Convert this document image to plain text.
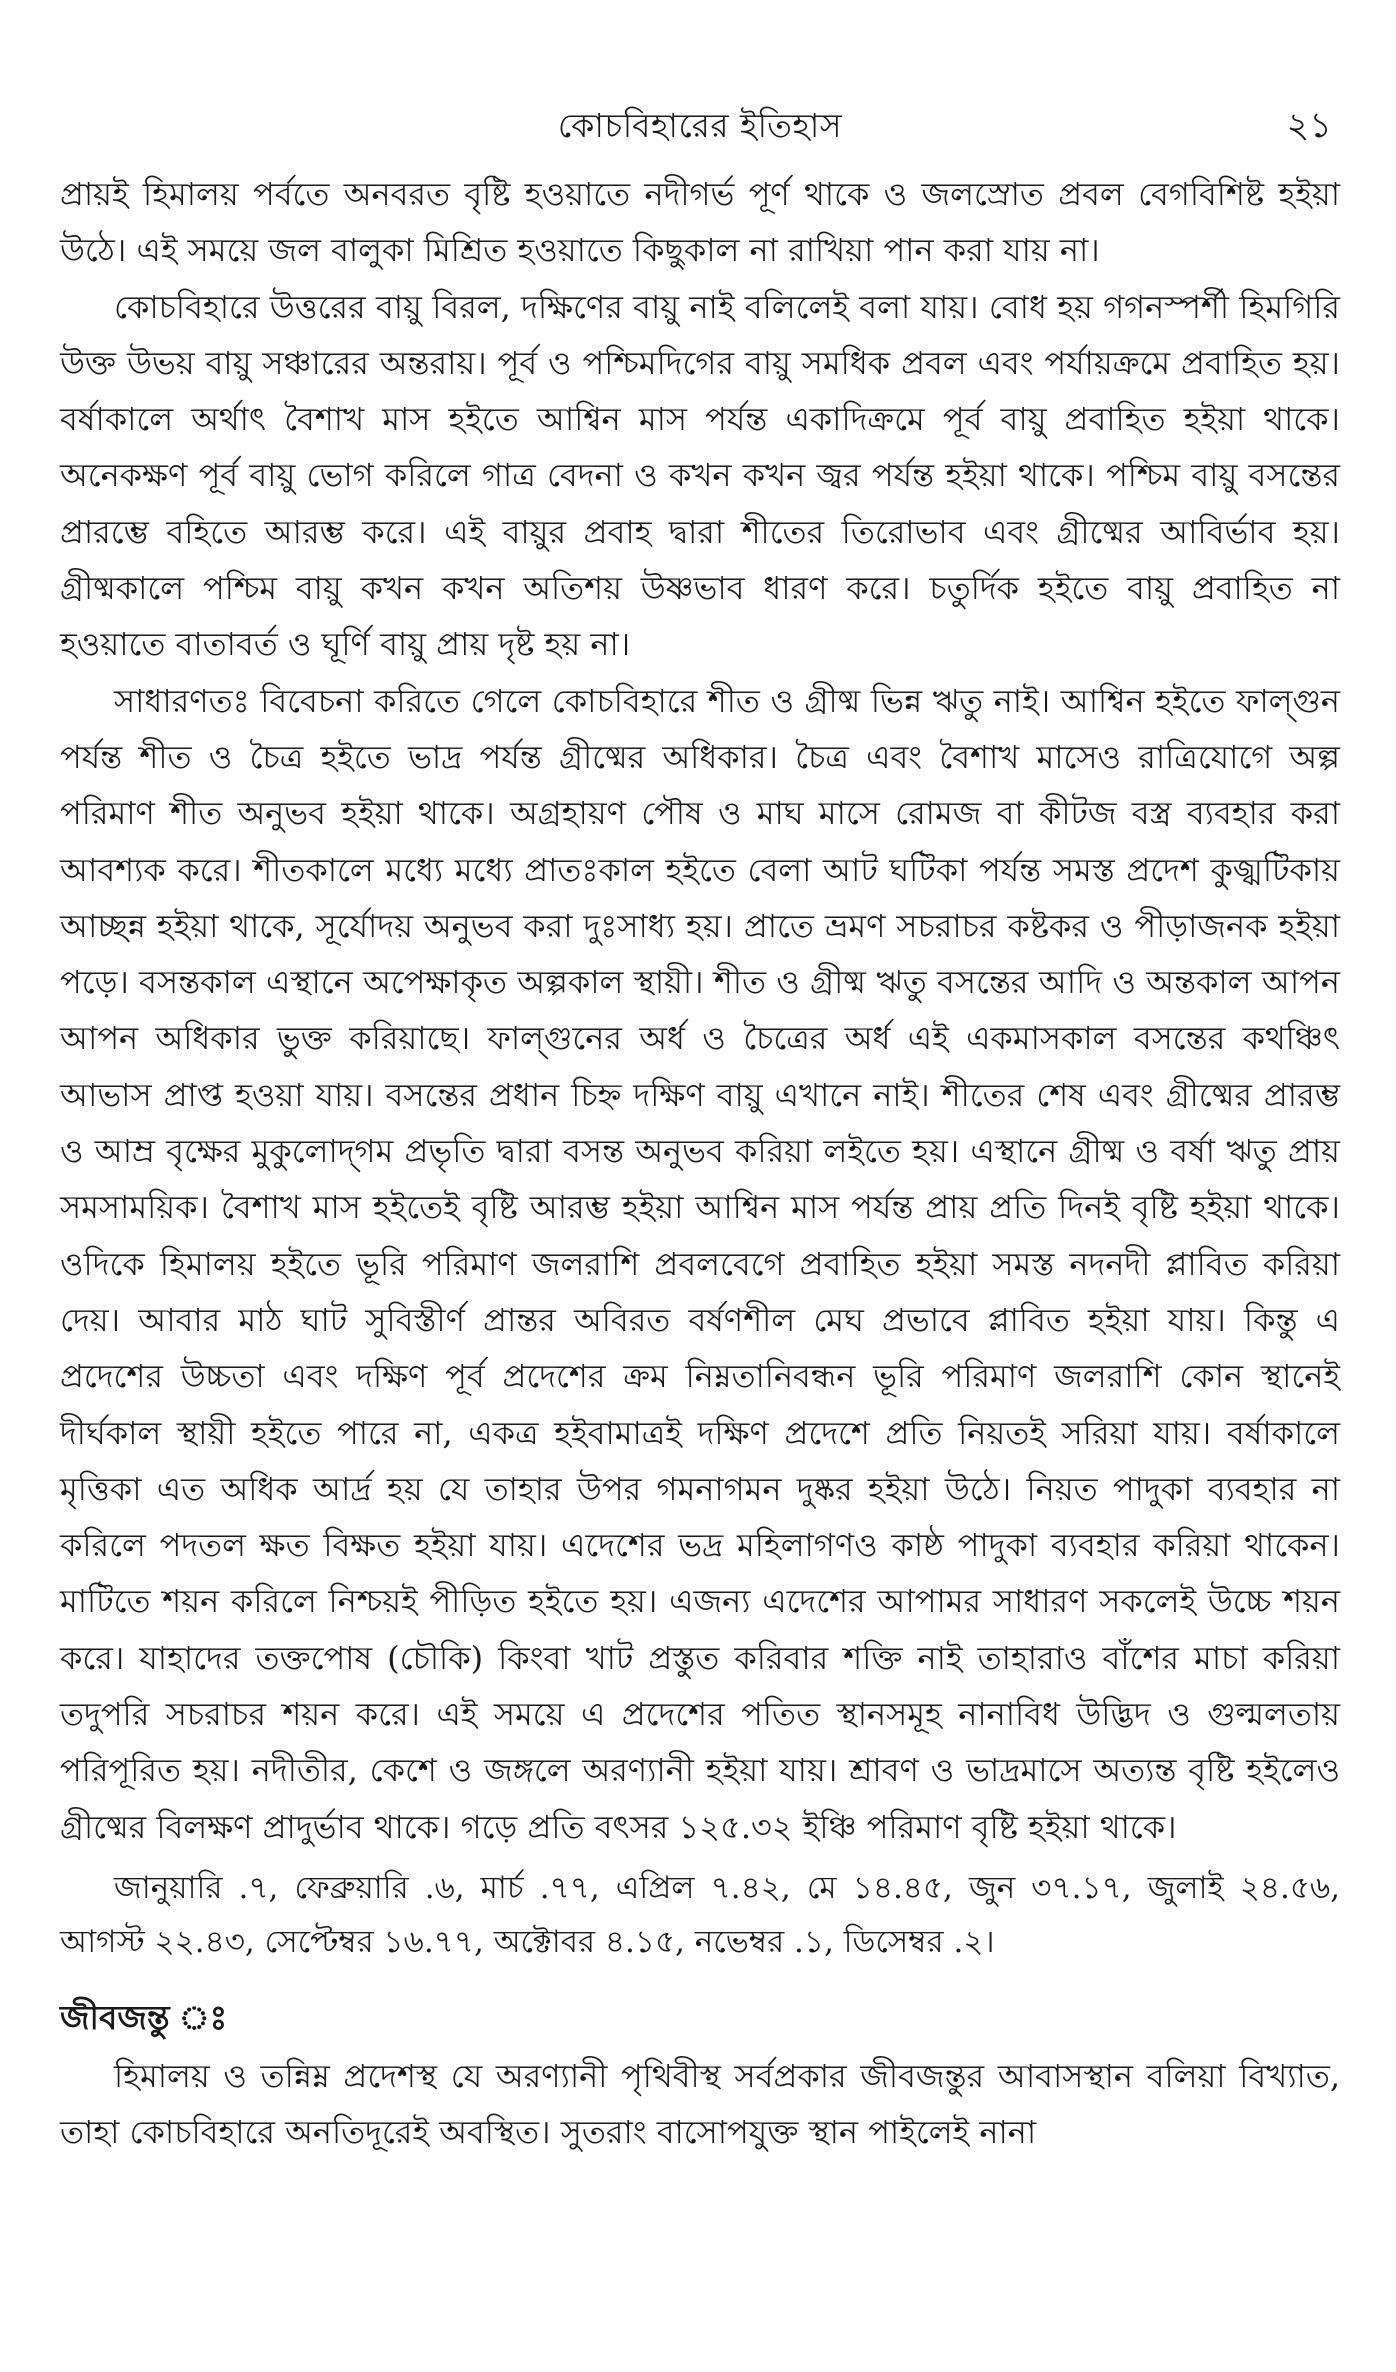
কোচবিহারের ইতিহাস	২১

প্রায়ই হিমালয় পর্বতে অনবরত বৃষ্টি হওয়াতে নদীগর্ভ পূর্ণ থাকে ও জলস্রোত প্রবল বেগবিশিষ্ট হইয়া উঠে। এই সময়ে জল বালুকা মিশ্রিত হওয়াতে কিছুকাল না রাখিয়া পান করা যায় না।

কোচবিহারে উত্তরের বায়ু বিরল, দক্ষিণের বায়ু নাই বলিলেই বলা যায়। বোধ হয় গগনস্পর্শী হিমগিরি উক্ত উভয় বায়ু সঞ্চারের অন্তরায়। পূর্ব ও পশ্চিমদিগের বায়ু সমধিক প্রবল এবং পর্যায়ক্রমে প্রবাহিত হয়। বর্ষাকালে অর্থাৎ বৈশাখ মাস হইতে আশ্বিন মাস পর্যন্ত একাদিক্রমে পূর্ব বায়ু প্রবাহিত হইয়া থাকে। অনেকক্ষণ পূর্ব বায়ু ভোগ করিলে গাত্র বেদনা ও কখন কখন জ্বর পর্যন্ত হইয়া থাকে। পশ্চিম বায়ু বসন্তের প্রারম্ভে বহিতে আরম্ভ করে। এই বায়ুর প্রবাহ দ্বারা শীতের তিরোভাব এবং গ্রীষ্মের আবির্ভাব হয়। গ্রীষ্মকালে পশ্চিম বায়ু কখন কখন অতিশয় উষ্ণভাব ধারণ করে। চতুর্দিক হইতে বায়ু প্রবাহিত না হওয়াতে বাতাবর্ত ও ঘূর্ণি বায়ু প্রায় দৃষ্ট হয় না।

সাধারণতঃ বিবেচনা করিতে গেলে কোচবিহারে শীত ও গ্রীষ্ম ভিন্ন ঋতু নাই। আশ্বিন হইতে ফাল্গুন পর্যন্ত শীত ও চৈত্র হইতে ভাদ্র পর্যন্ত গ্রীষ্মের অধিকার। চৈত্র এবং বৈশাখ মাসেও রাত্রিযোগে অল্প পরিমাণ শীত অনুভব হইয়া থাকে। অগ্রহায়ণ পৌষ ও মাঘ মাসে রোমজ বা কীটজ বস্ত্র ব্যবহার করা আবশ্যক করে। শীতকালে মধ্যে মধ্যে প্রাতঃকাল হইতে বেলা আট ঘটিকা পর্যন্ত সমস্ত প্রদেশ কুজ্ঝটিকায় আচ্ছন্ন হইয়া থাকে, সূর্যোদয় অনুভব করা দুঃসাধ্য হয়। প্রাতে ভ্রমণ সচরাচর কষ্টকর ও পীড়াজনক হইয়া পড়ে। বসন্তকাল এস্থানে অপেক্ষাকৃত অল্পকাল স্থায়ী। শীত ও গ্রীষ্ম ঋতু বসন্তের আদি ও অন্তকাল আপন আপন অধিকার ভুক্ত করিয়াছে। ফাল্গুনের অর্ধ ও চৈত্রের অর্ধ এই একমাসকাল বসন্তের কথঞ্চিৎ আভাস প্রাপ্ত হওয়া যায়। বসন্তের প্রধান চিহ্ন দক্ষিণ বায়ু এখানে নাই। শীতের শেষ এবং গ্রীষ্মের প্রারম্ভ ও আম্র বৃক্ষের মুকুলোদ্‌গম প্রভৃতি দ্বারা বসন্ত অনুভব করিয়া লইতে হয়। এস্থানে গ্রীষ্ম ও বর্ষা ঋতু প্রায় সমসাময়িক। বৈশাখ মাস হইতেই বৃষ্টি আরম্ভ হইয়া আশ্বিন মাস পর্যন্ত প্রায় প্রতি দিনই বৃষ্টি হইয়া থাকে। ওদিকে হিমালয় হইতে ভূরি পরিমাণ জলরাশি প্রবলবেগে প্রবাহিত হইয়া সমস্ত নদনদী প্লাবিত করিয়া দেয়। আবার মাঠ ঘাট সুবিস্তীর্ণ প্রান্তর অবিরত বর্ষণশীল মেঘ প্রভাবে প্লাবিত হইয়া যায়। কিন্তু এ প্রদেশের উচ্চতা এবং দক্ষিণ পূর্ব প্রদেশের ক্রম নিম্নতানিবন্ধন ভূরি পরিমাণ জলরাশি কোন স্থানেই দীর্ঘকাল স্থায়ী হইতে পারে না, একত্র হইবামাত্রই দক্ষিণ প্রদেশে প্রতি নিয়তই সরিয়া যায়। বর্ষাকালে মৃত্তিকা এত অধিক আর্দ্র হয় যে তাহার উপর গমনাগমন দুষ্কর হইয়া উঠে। নিয়ত পাদুকা ব্যবহার না করিলে পদতল ক্ষত বিক্ষত হইয়া যায়। এদেশের ভদ্র মহিলাগণও কাষ্ঠ পাদুকা ব্যবহার করিয়া থাকেন। মাটিতে শয়ন করিলে নিশ্চয়ই পীড়িত হইতে হয়। এজন্য এদেশের আপামর সাধারণ সকলেই উচ্চে শয়ন করে। যাহাদের তক্তপোষ (চৌকি) কিংবা খাট প্রস্তুত করিবার শক্তি নাই তাহারাও বাঁশের মাচা করিয়া তদুপরি সচরাচর শয়ন করে। এই সময়ে এ প্রদেশের পতিত স্থানসমূহ নানাবিধ উদ্ভিদ ও গুল্মলতায় পরিপূরিত হয়। নদীতীর, কেশে ও জঙ্গলে অরণ্যানী হইয়া যায়। শ্রাবণ ও ভাদ্রমাসে অত্যন্ত বৃষ্টি হইলেও গ্রীষ্মের বিলক্ষণ প্রাদুর্ভাব থাকে। গড়ে প্রতি বৎসর ১২৫.৩২ ইঞ্চি পরিমাণ বৃষ্টি হইয়া থাকে।

জানুয়ারি .৭, ফেব্রুয়ারি .৬, মার্চ .৭৭, এপ্রিল ৭.৪২, মে ১৪.৪৫, জুন ৩৭.১৭, জুলাই ২৪.৫৬, আগস্ট ২২.৪৩, সেপ্টেম্বর ১৬.৭৭, অক্টোবর ৪.১৫, নভেম্বর .১, ডিসেম্বর .২।

জীবজন্তু ঃ

হিমালয় ও তন্নিম্ন প্রদেশস্থ যে অরণ্যানী পৃথিবীস্থ সর্বপ্রকার জীবজন্তুর আবাসস্থান বলিয়া বিখ্যাত, তাহা কোচবিহারে অনতিদূরেই অবস্থিত। সুতরাং বাসোপযুক্ত স্থান পাইলেই নানা
